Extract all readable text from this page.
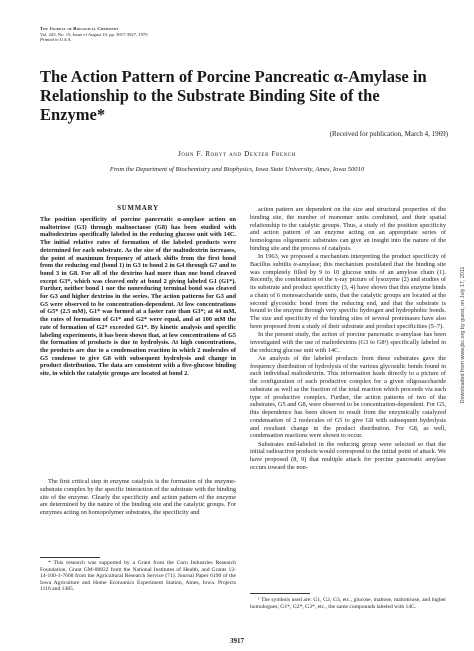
The Journal of Biological Chemistry
Vol. 245, No. 15, Issue of August 10, pp. 3917-3927, 1970
Printed in U.S.A.
The Action Pattern of Porcine Pancreatic α-Amylase in Relationship to the Substrate Binding Site of the Enzyme*
(Received for publication, March 4, 1969)
John F. Robyt and Dexter French
From the Department of Biochemistry and Biophysics, Iowa State University, Ames, Iowa 50010
SUMMARY

The position specificity of porcine pancreatic α-amylase action on maltotriose (G3) through maltooctaose (G8) has been studied with maltodextrins specifically labeled in the reducing glucose unit with 14C. The initial relative rates of formation of the labeled products were determined for each substrate. As the size of the maltodextrin increases, the point of maximum frequency of attack shifts from the first bond from the reducing end (bond 1) in G3 to bond 2 in G4 through G7 and to bond 3 in G8. For all of the dextrins had more than one bond cleaved except G3*, which was cleaved only at bond 2 giving labeled G1 (G1*). Further, neither bond 1 nor the nonreducing terminal bond was cleaved for G3 and higher dextrins in the series. The action patterns for G3 and G5 were observed to be concentration-dependent. At low concentrations of G5* (2.5 mM), G1* was formed at a faster rate than G3*; at 44 mM, the rates of formation of G1* and G2* were equal, and at 100 mM the rate of formation of G2* exceeded G1*. By kinetic analysis and specific labeling experiments, it has been shown that, at low concentrations of G5 the formation of products is due to hydrolysis. At high concentrations, the products are due to a condensation reaction in which 2 molecules of G5 condense to give G8 with subsequent hydrolysis and change in product distribution. The data are consistent with a five-glucose binding site, in which the catalytic groups are located at bond 2.

The first critical step in enzyme catalysis is the formation of the enzyme-substrate complex by the specific interaction of the substrate with the binding site of the enzyme. Clearly the specificity and action pattern of the enzyme are determined by the nature of the binding site and the catalytic groups. For enzymes acting on homopolymer substrates, the specificity and

* This research was supported by a Grant from the Corn Industries Research Foundation, Grant GM-08822 from the National Institutes of Health, and Grants 12-14-100-1-7668 from the Agricultural Research Service (71). Journal Paper 6190 of the Iowa Agriculture and Home Economics Experiment Station, Ames, Iowa. Projects 1116 and 1485.

action pattern are dependent on the size and structural properties of the binding site, the number of monomer units combined, and their spatial relationship to the catalytic groups. Thus, a study of the position specificity and action pattern of an enzyme acting on an appropriate series of homologous oligomeric substrates can give an insight into the nature of the binding site and the process of catalysis.

In 1963, we proposed a mechanism interpreting the product specificity of Bacillus subtilis α-amylase; this mechanism postulated that the binding site was completely filled by 9 to 10 glucose units of an amylose chain (1). Recently, the combination of the x-ray picture of lysozyme (2) and studies of its substrate and product specificity (3, 4) have shown that this enzyme binds a chain of 6 monosaccharide units, that the catalytic groups are located at the second glycosidic bond from the reducing end, and that the substrate is bound to the enzyme through very specific hydrogen and hydrophobic bonds. The size and specificity of the binding sites of several proteinases have also been proposed from a study of their substrate and product specificities (5–7).

In the present study, the action of porcine pancreatic α-amylase has been investigated with the use of maltodextrins (G3 to G8¹) specifically labeled in the reducing glucose unit with 14C.

An analysis of the labeled products from these substrates gave the frequency distribution of hydrolysis of the various glycosidic bonds found in each individual maltodextrin. This information leads directly to a picture of the configuration of each productive complex for a given oligosaccharide substrate as well as the fraction of the total reaction which proceeds via each type of productive complex. Further, the action patterns of two of the substrates, G5 and G8, were observed to be concentration-dependent. For G5, this dependence has been shown to result from the enzymically catalyzed condensation of 2 molecules of G5 to give G8 with subsequent hydrolysis and resultant change in the product distribution. For G8, as well, condensation reactions were shown to occur.

Substrates end-labeled in the reducing group were selected so that the initial radioactive products would correspond to the initial point of attack. We have proposed (8, 9) that multiple attack for porcine pancreatic amylase occurs toward the non-

¹ The symbols used are: G1, G2, G3, etc., glucose, maltose, maltotriose, and higher homologues; G1*, G2*, G3*, etc., the same compounds labeled with 14C.

3917
Downloaded from www.jbc.org by guest, on July 17, 2011
